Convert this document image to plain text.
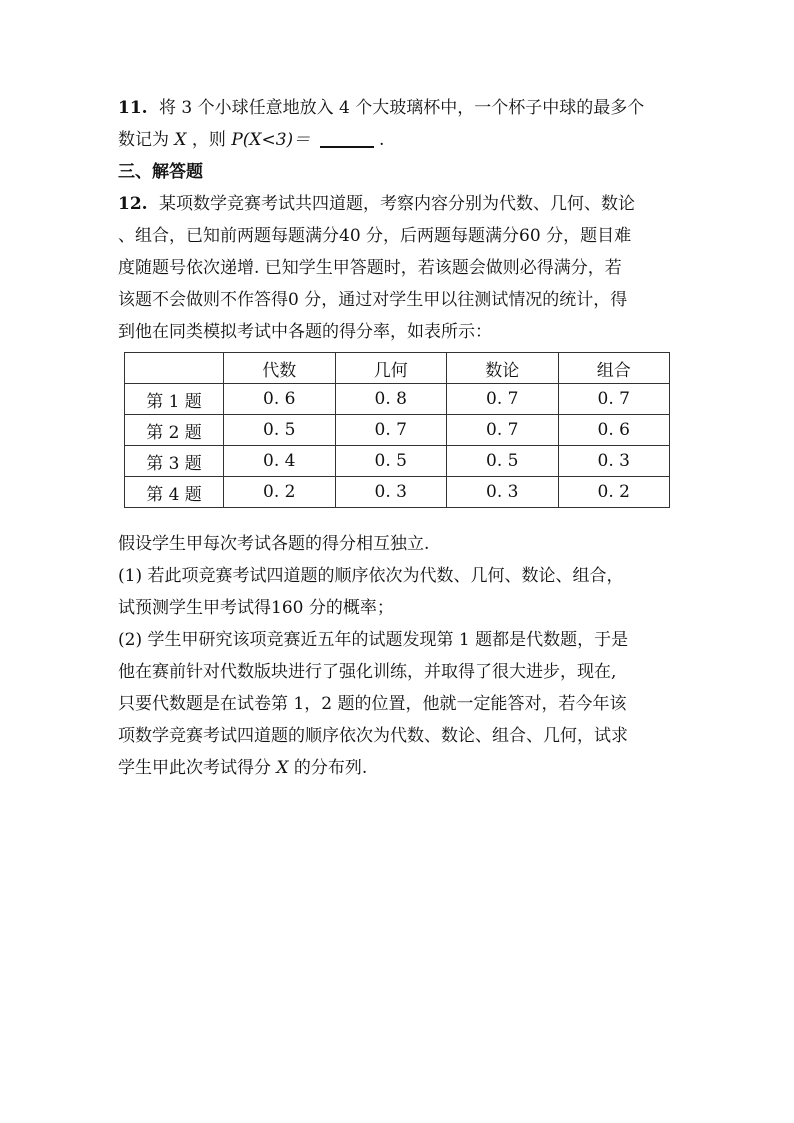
11. 将 3 个小球任意地放入 4 个大玻璃杯中，一个杯子中球的最多个
数记为 X ，则 P(X<3)＝	.
三、解答题
12. 某项数学竞赛考试共四道题，考察内容分别为代数、几何、数论
、组合，已知前两题每题满分40 分，后两题每题满分60 分，题目难
度随题号依次递增. 已知学生甲答题时，若该题会做则必得满分，若
该题不会做则不作答得0 分，通过对学生甲以往测试情况的统计，得
到他在同类模拟考试中各题的得分率，如表所示：
	代数	几何	数论	组合
第 1 题	0. 6	0. 8	0. 7	0. 7
第 2 题	0. 5	0. 7	0. 7	0. 6
第 3 题	0. 4	0. 5	0. 5	0. 3
第 4 题	0. 2	0. 3	0. 3	0. 2
假设学生甲每次考试各题的得分相互独立.
(1) 若此项竞赛考试四道题的顺序依次为代数、几何、数论、组合，
试预测学生甲考试得160 分的概率；
(2) 学生甲研究该项竞赛近五年的试题发现第 1 题都是代数题，于是
他在赛前针对代数版块进行了强化训练，并取得了很大进步，现在,
只要代数题是在试卷第 1，2 题的位置，他就一定能答对，若今年该
项数学竞赛考试四道题的顺序依次为代数、数论、组合、几何，试求
学生甲此次考试得分 X 的分布列.
